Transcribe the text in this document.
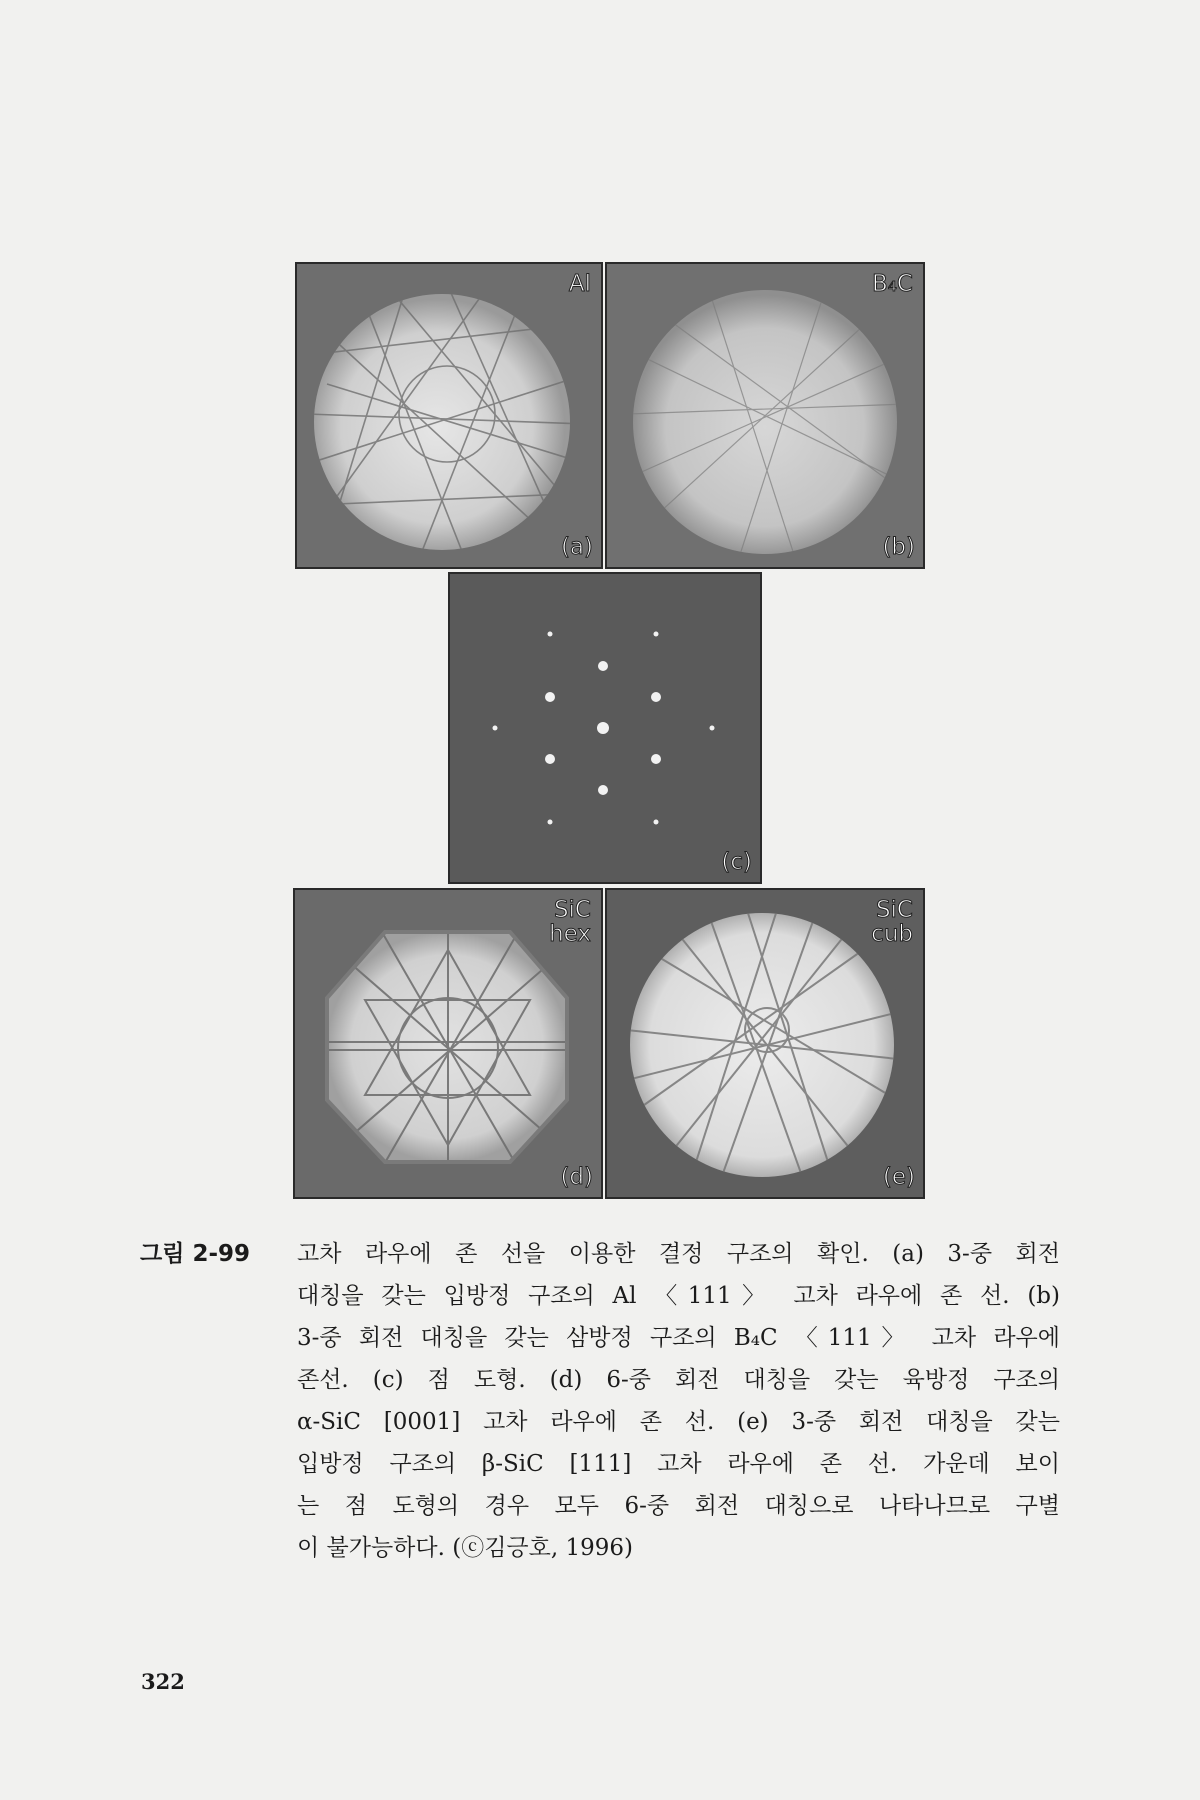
Al
(a)
B₄C
(b)
(c)
SiC
hex
(d)
SiC
cub
(e)
그림 2-99 고차 라우에 존 선을 이용한 결정 구조의 확인. (a) 3-중 회전
대칭을 갖는 입방정 구조의 Al 〈111〉 고차 라우에 존 선. (b)
3-중 회전 대칭을 갖는 삼방정 구조의 B₄C 〈111〉 고차 라우에
존선. (c) 점 도형. (d) 6-중 회전 대칭을 갖는 육방정 구조의
α-SiC [0001] 고차 라우에 존 선. (e) 3-중 회전 대칭을 갖는
입방정 구조의 β-SiC [111] 고차 라우에 존 선. 가운데 보이
는 점 도형의 경우 모두 6-중 회전 대칭으로 나타나므로 구별
이 불가능하다. (ⓒ김긍호, 1996)
322
